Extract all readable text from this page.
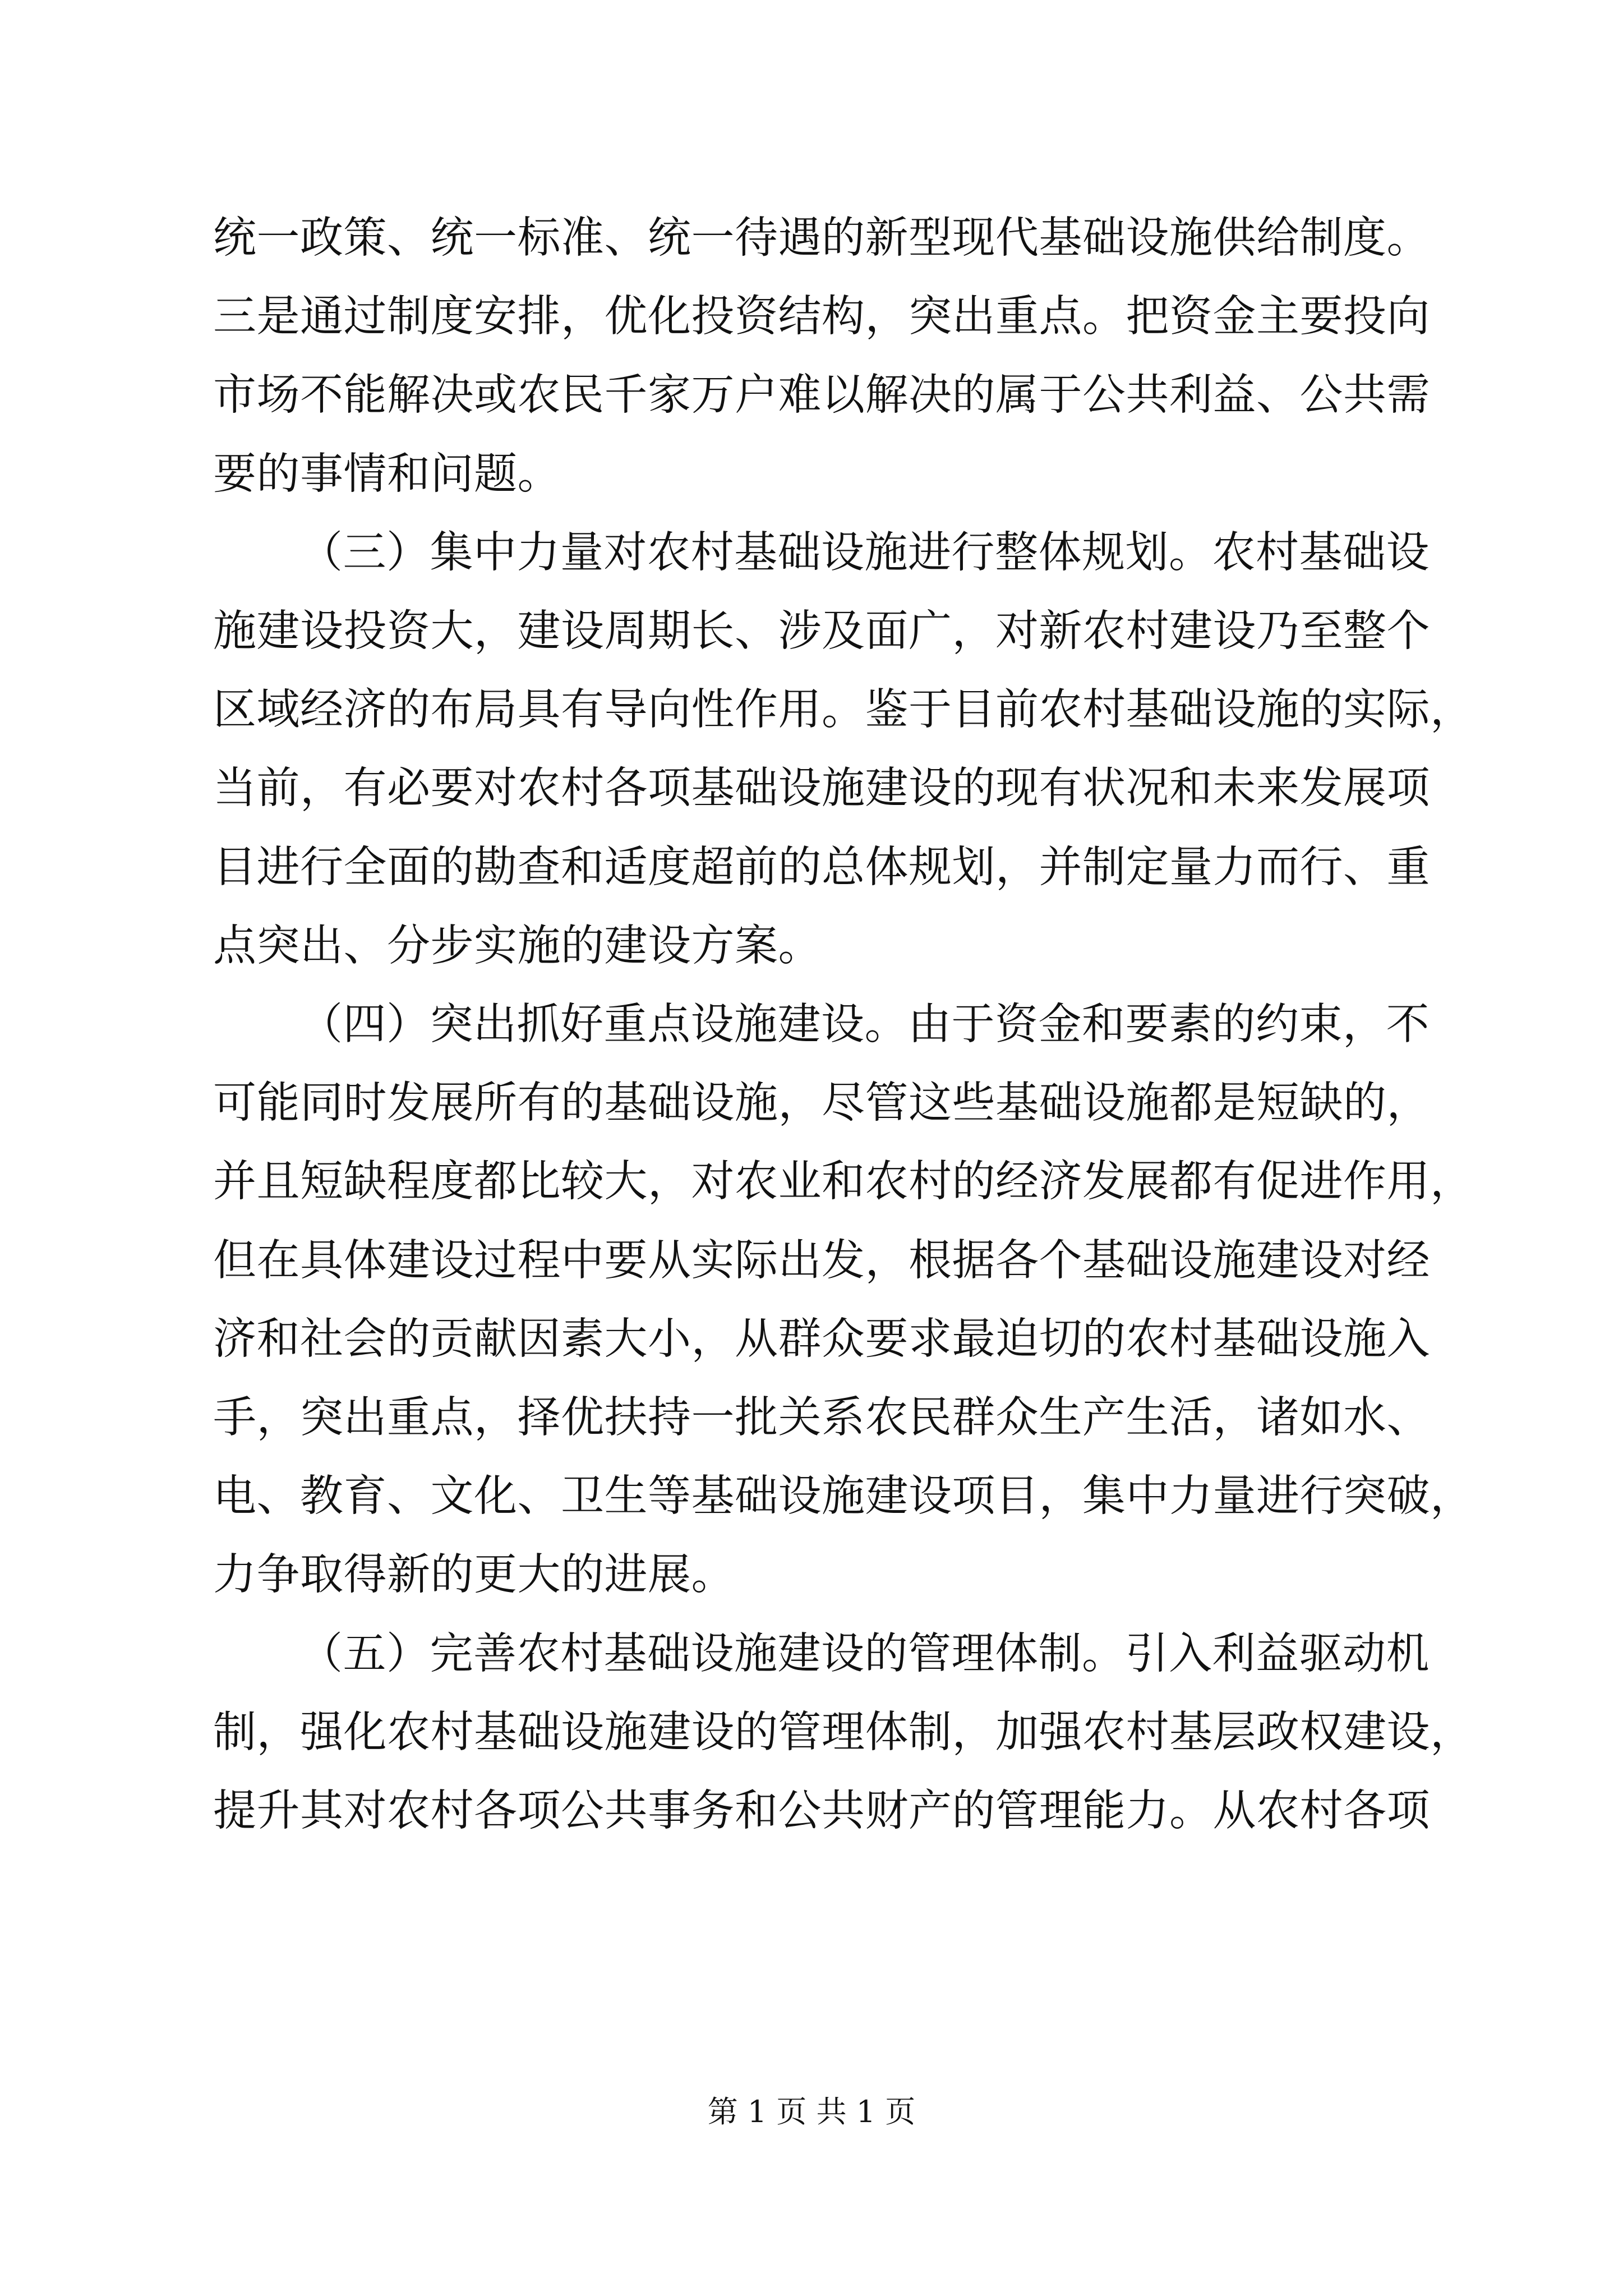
统一政策、统一标准、统一待遇的新型现代基础设施供给制度。
三是通过制度安排，优化投资结构，突出重点。把资金主要投向
市场不能解决或农民千家万户难以解决的属于公共利益、公共需
要的事情和问题。
（三）集中力量对农村基础设施进行整体规划。农村基础设
施建设投资大，建设周期长、涉及面广，对新农村建设乃至整个
区域经济的布局具有导向性作用。鉴于目前农村基础设施的实际，
当前，有必要对农村各项基础设施建设的现有状况和未来发展项
目进行全面的勘查和适度超前的总体规划，并制定量力而行、重
点突出、分步实施的建设方案。
（四）突出抓好重点设施建设。由于资金和要素的约束，不
可能同时发展所有的基础设施，尽管这些基础设施都是短缺的，
并且短缺程度都比较大，对农业和农村的经济发展都有促进作用，
但在具体建设过程中要从实际出发，根据各个基础设施建设对经
济和社会的贡献因素大小，从群众要求最迫切的农村基础设施入
手，突出重点，择优扶持一批关系农民群众生产生活，诸如水、
电、教育、文化、卫生等基础设施建设项目，集中力量进行突破，
力争取得新的更大的进展。
（五）完善农村基础设施建设的管理体制。引入利益驱动机
制，强化农村基础设施建设的管理体制，加强农村基层政权建设，
提升其对农村各项公共事务和公共财产的管理能力。从农村各项
第 1 页 共 1 页
